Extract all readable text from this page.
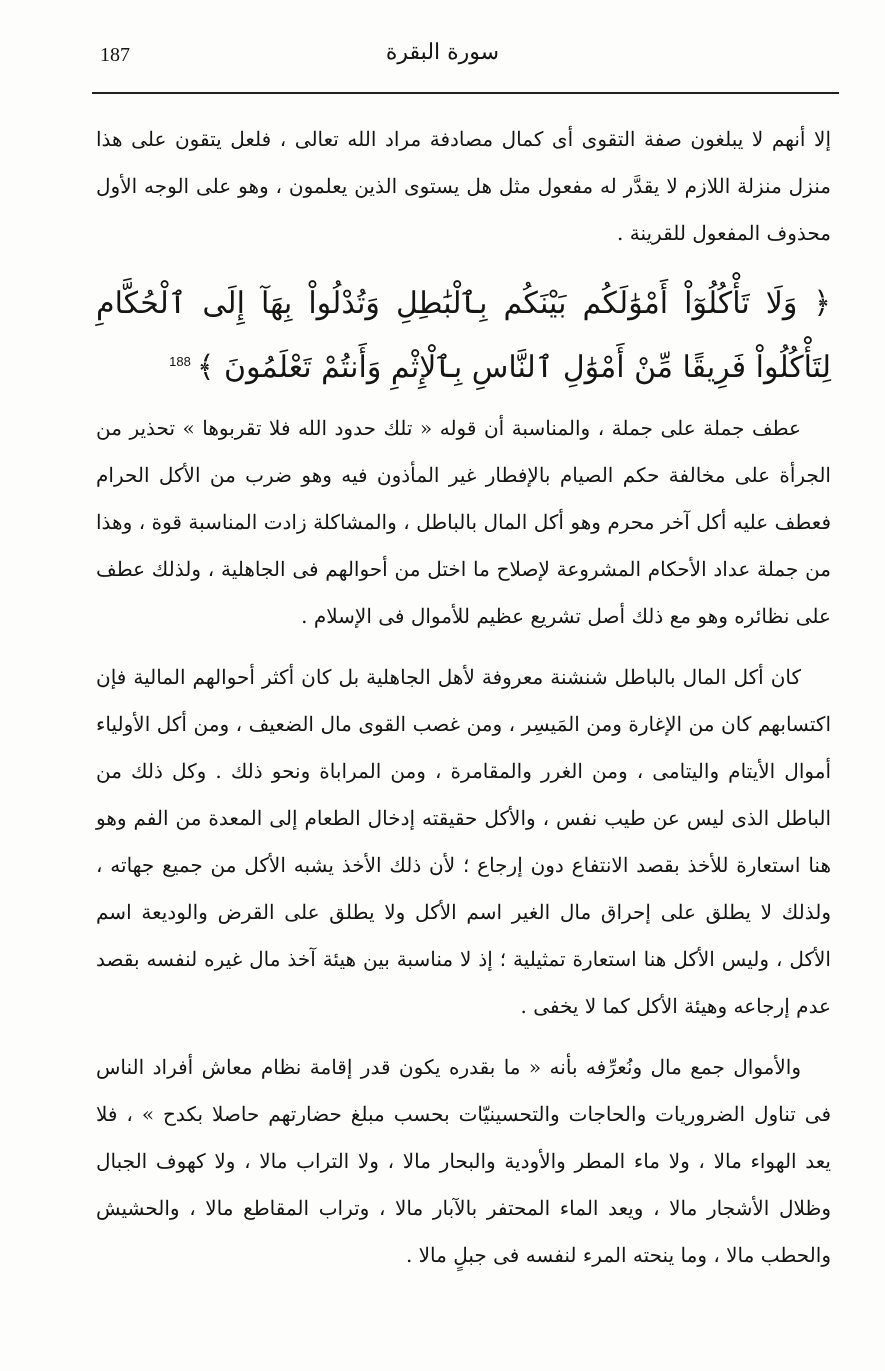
187	سورة البقرة

إلا أنهم لا يبلغون صفة التقوى أى كمال مصادفة مراد الله تعالى ، فلعل يتقون على هذا منزل منزلة اللازم لا يقدَّر له مفعول مثل هل يستوى الذين يعلمون ، وهو على الوجه الأول محذوف المفعول للقرينة .

﴿ وَلَا تَأْكُلُوٓاْ أَمْوَٰلَكُم بَيْنَكُم بِٱلْبَٰطِلِ وَتُدْلُواْ بِهَآ إِلَى ٱلْحُكَّامِ لِتَأْكُلُواْ فَرِيقًا مِّنْ أَمْوَٰلِ ٱلنَّاسِ بِٱلْإِثْمِ وَأَنتُمْ تَعْلَمُونَ ﴾$^{188}$

عطف جملة على جملة ، والمناسبة أن قوله « تلك حدود الله فلا تقربوها » تحذير من الجرأة على مخالفة حكم الصيام بالإفطار غير المأذون فيه وهو ضرب من الأكل الحرام فعطف عليه أكل آخر محرم وهو أكل المال بالباطل ، والمشاكلة زادت المناسبة قوة ، وهذا من جملة عداد الأحكام المشروعة لإصلاح ما اختل من أحوالهم فى الجاهلية ، ولذلك عطف على نظائره وهو مع ذلك أصل تشريع عظيم للأموال فى الإسلام .

كان أكل المال بالباطل شنشنة معروفة لأهل الجاهلية بل كان أكثر أحوالهم المالية فإن اكتسابهم كان من الإغارة ومن المَيسِر ، ومن غصب القوى مال الضعيف ، ومن أكل الأولياء أموال الأيتام واليتامى ، ومن الغرر والمقامرة ، ومن المراباة ونحو ذلك . وكل ذلك من الباطل الذى ليس عن طيب نفس ، والأكل حقيقته إدخال الطعام إلى المعدة من الفم وهو هنا استعارة للأخذ بقصد الانتفاع دون إرجاع ؛ لأن ذلك الأخذ يشبه الأكل من جميع جهاته ، ولذلك لا يطلق على إحراق مال الغير اسم الأكل ولا يطلق على القرض والوديعة اسم الأكل ، وليس الأكل هنا استعارة تمثيلية ؛ إذ لا مناسبة بين هيئة آخذ مال غيره لنفسه بقصد عدم إرجاعه وهيئة الأكل كما لا يخفى .

والأموال جمع مال ونُعرِّفه بأنه « ما بقدره يكون قدر إقامة نظام معاش أفراد الناس فى تناول الضروريات والحاجات والتحسينيّات بحسب مبلغ حضارتهم حاصلا بكدح » ، فلا يعد الهواء مالا ، ولا ماء المطر والأودية والبحار مالا ، ولا التراب مالا ، ولا كهوف الجبال وظلال الأشجار مالا ، ويعد الماء المحتفر بالآبار مالا ، وتراب المقاطع مالا ، والحشيش والحطب مالا ، وما ينحته المرء لنفسه فى جبلٍ مالا .
